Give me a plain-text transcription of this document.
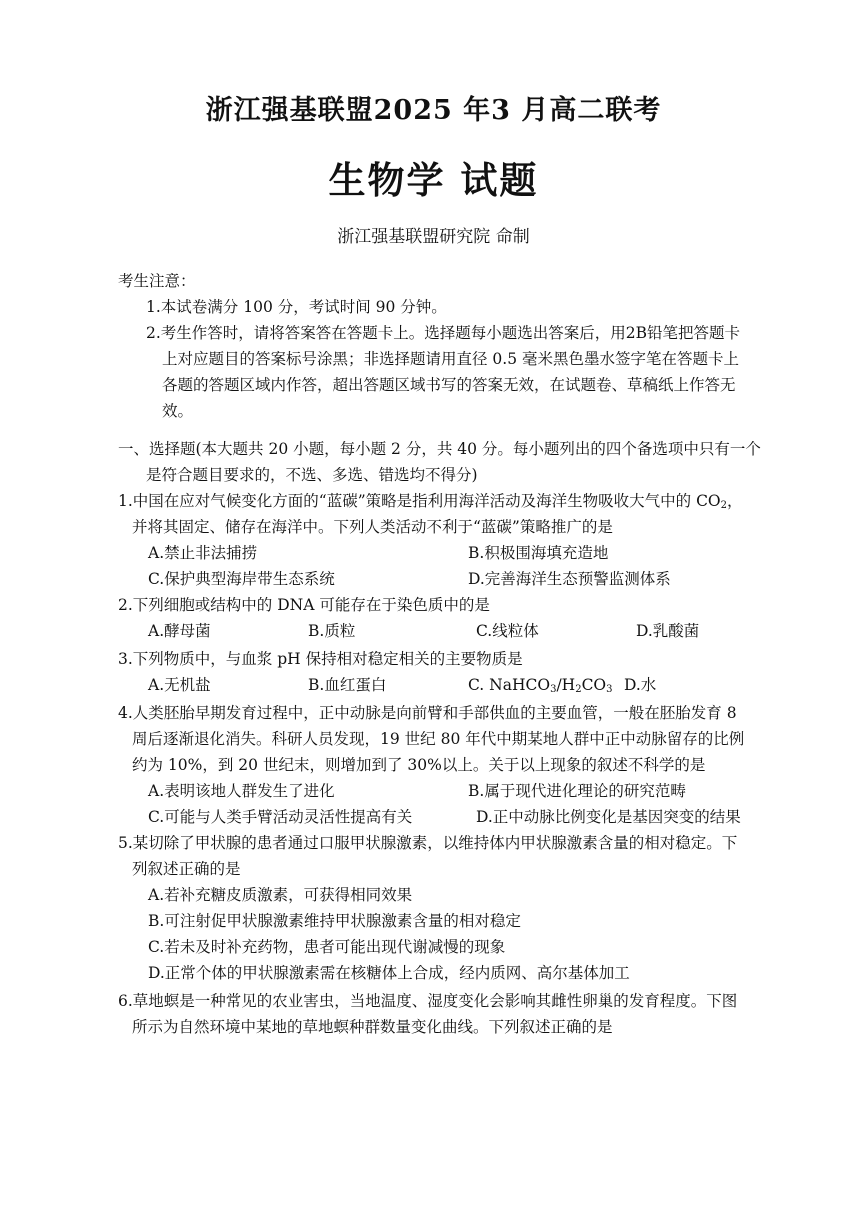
浙江强基联盟2025 年3 月高二联考
生物学 试题
浙江强基联盟研究院 命制
考生注意：
1.本试卷满分 100 分，考试时间 90 分钟。
2.考生作答时，请将答案答在答题卡上。选择题每小题选出答案后，用2B铅笔把答题卡
上对应题目的答案标号涂黑；非选择题请用直径 0.5 毫米黑色墨水签字笔在答题卡上
各题的答题区域内作答，超出答题区域书写的答案无效，在试题卷、草稿纸上作答无
效。
一、选择题(本大题共 20 小题，每小题 2 分，共 40 分。每小题列出的四个备选项中只有一个
是符合题目要求的，不选、多选、错选均不得分)
1.中国在应对气候变化方面的“蓝碳”策略是指利用海洋活动及海洋生物吸收大气中的 $CO_2$，
并将其固定、储存在海洋中。下列人类活动不利于“蓝碳”策略推广的是
A.禁止非法捕捞	B.积极围海填充造地
C.保护典型海岸带生态系统	D.完善海洋生态预警监测体系
2.下列细胞或结构中的 DNA 可能存在于染色质中的是
A.酵母菌	B.质粒	C.线粒体	D.乳酸菌
3.下列物质中，与血浆 pH 保持相对稳定相关的主要物质是
A.无机盐	B.血红蛋白	C. $NaHCO_3/H_2CO_3$ D.水
4.人类胚胎早期发育过程中，正中动脉是向前臂和手部供血的主要血管，一般在胚胎发育 8
周后逐渐退化消失。科研人员发现，19 世纪 80 年代中期某地人群中正中动脉留存的比例
约为 10%，到 20 世纪末，则增加到了 30%以上。关于以上现象的叙述不科学的是
A.表明该地人群发生了进化	B.属于现代进化理论的研究范畴
C.可能与人类手臂活动灵活性提高有关	D.正中动脉比例变化是基因突变的结果
5.某切除了甲状腺的患者通过口服甲状腺激素，以维持体内甲状腺激素含量的相对稳定。下
列叙述正确的是
A.若补充糖皮质激素，可获得相同效果
B.可注射促甲状腺激素维持甲状腺激素含量的相对稳定
C.若未及时补充药物，患者可能出现代谢减慢的现象
D.正常个体的甲状腺激素需在核糖体上合成，经内质网、高尔基体加工
6.草地螟是一种常见的农业害虫，当地温度、湿度变化会影响其雌性卵巢的发育程度。下图
所示为自然环境中某地的草地螟种群数量变化曲线。下列叙述正确的是
